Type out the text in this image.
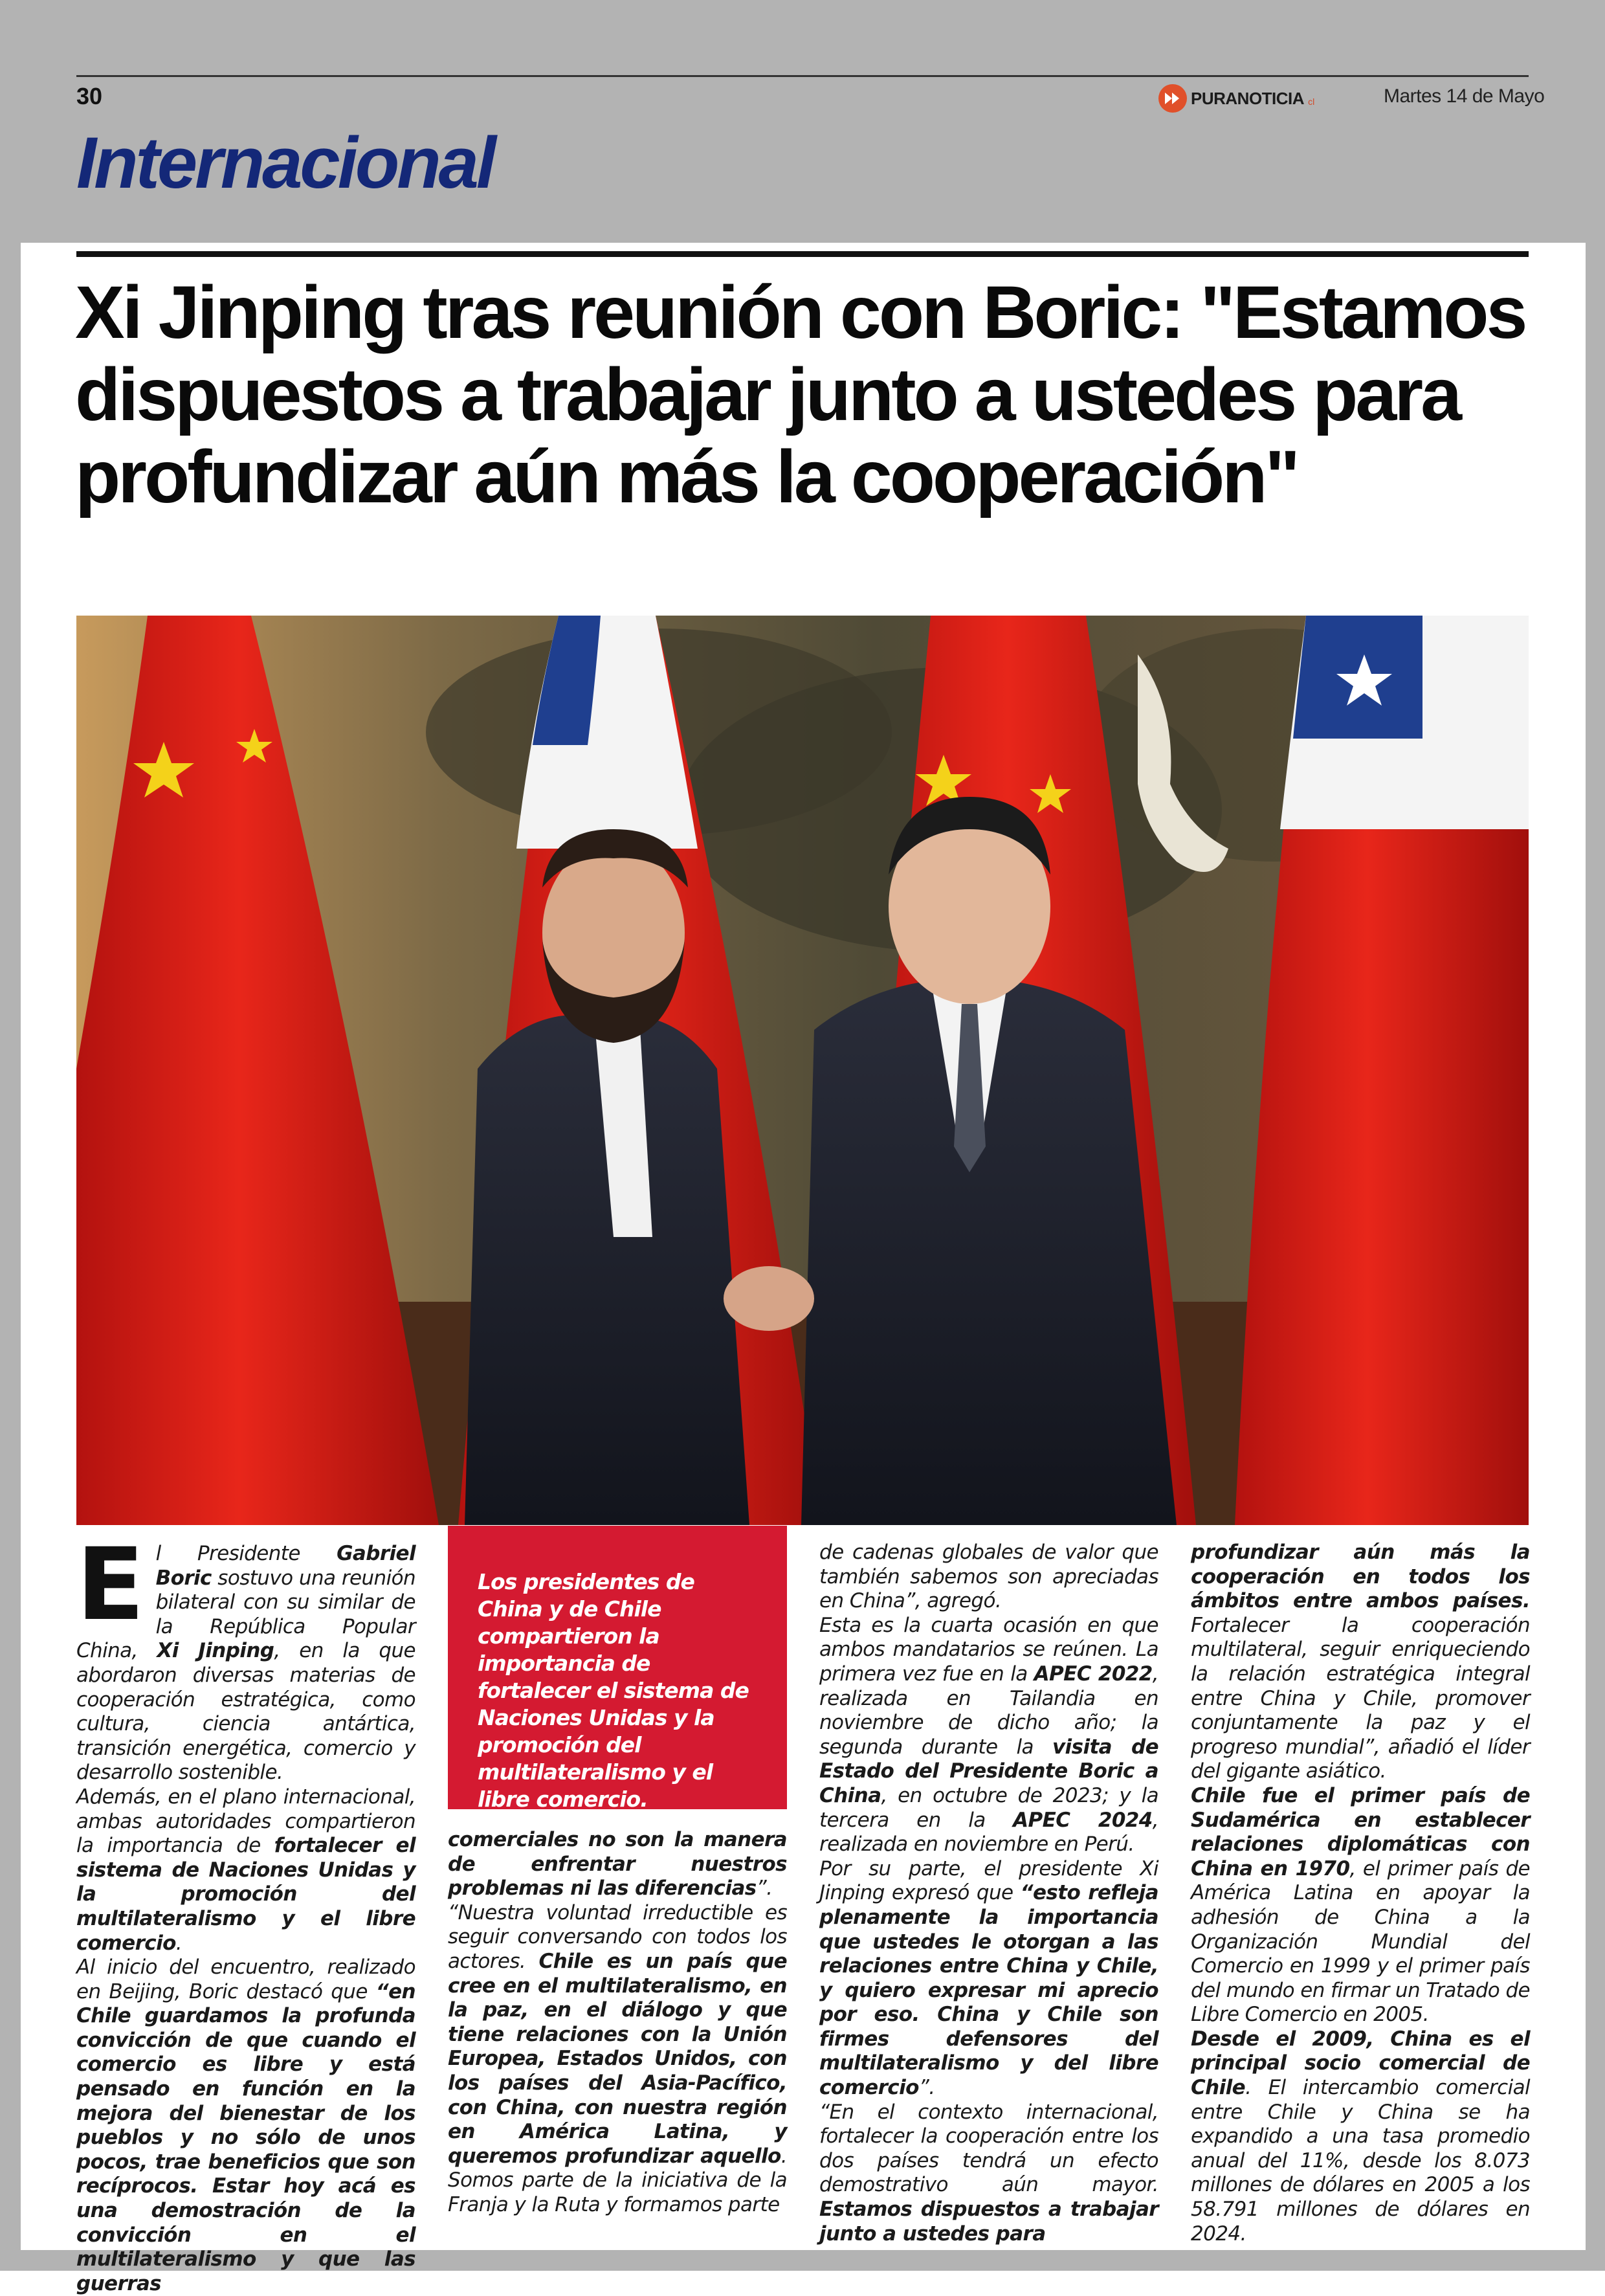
30	PURANOTICIA cl	Martes 14 de Mayo
Internacional
Xi Jinping tras reunión con Boric: "Estamos dispuestos a trabajar junto a ustedes para profundizar aún más la cooperación"

Los presidentes de China y de Chile compartieron la importancia de fortalecer el sistema de Naciones Unidas y la promoción del multilateralismo y el libre comercio.

E l Presidente Gabriel Boric sostuvo una reunión bilateral con su similar de la República Popular China, Xi Jinping, en la que abordaron diversas materias de cooperación estratégica, como cultura, ciencia antártica, transición energética, comercio y desarrollo sostenible.

Además, en el plano internacional, ambas autoridades compartieron la importancia de fortalecer el sistema de Naciones Unidas y la promoción del multilateralismo y el libre comercio.

Al inicio del encuentro, realizado en Beijing, Boric destacó que “en Chile guardamos la profunda convicción de que cuando el comercio es libre y está pensado en función en la mejora del bienestar de los pueblos y no sólo de unos pocos, trae beneficios que son recíprocos. Estar hoy acá es una demostración de la convicción en el multilateralismo y que las guerras

comerciales no son la manera de enfrentar nuestros problemas ni las diferencias”.

“Nuestra voluntad irreductible es seguir conversando con todos los actores. Chile es un país que cree en el multilateralismo, en la paz, en el diálogo y que tiene relaciones con la Unión Europea, Estados Unidos, con los países del Asia-Pacífico, con China, con nuestra región en América Latina, y queremos profundizar aquello. Somos parte de la iniciativa de la Franja y la Ruta y formamos parte

de cadenas globales de valor que también sabemos son apreciadas en China”, agregó.

Esta es la cuarta ocasión en que ambos mandatarios se reúnen. La primera vez fue en la APEC 2022, realizada en Tailandia en noviembre de dicho año; la segunda durante la visita de Estado del Presidente Boric a China, en octubre de 2023; y la tercera en la APEC 2024, realizada en noviembre en Perú.

Por su parte, el presidente Xi Jinping expresó que “esto refleja plenamente la importancia que ustedes le otorgan a las relaciones entre China y Chile, y quiero expresar mi aprecio por eso. China y Chile son firmes defensores del multilateralismo y del libre comercio”.

“En el contexto internacional, fortalecer la cooperación entre los dos países tendrá un efecto demostrativo aún mayor. Estamos dispuestos a trabajar junto a ustedes para

profundizar aún más la cooperación en todos los ámbitos entre ambos países. Fortalecer la cooperación multilateral, seguir enriqueciendo la relación estratégica integral entre China y Chile, promover conjuntamente la paz y el progreso mundial”, añadió el líder del gigante asiático.

Chile fue el primer país de Sudamérica en establecer relaciones diplomáticas con China en 1970, el primer país de América Latina en apoyar la adhesión de China a la Organización Mundial del Comercio en 1999 y el primer país del mundo en firmar un Tratado de Libre Comercio en 2005.

Desde el 2009, China es el principal socio comercial de Chile. El intercambio comercial entre Chile y China se ha expandido a una tasa promedio anual del 11%, desde los 8.073 millones de dólares en 2005 a los 58.791 millones de dólares en 2024.
